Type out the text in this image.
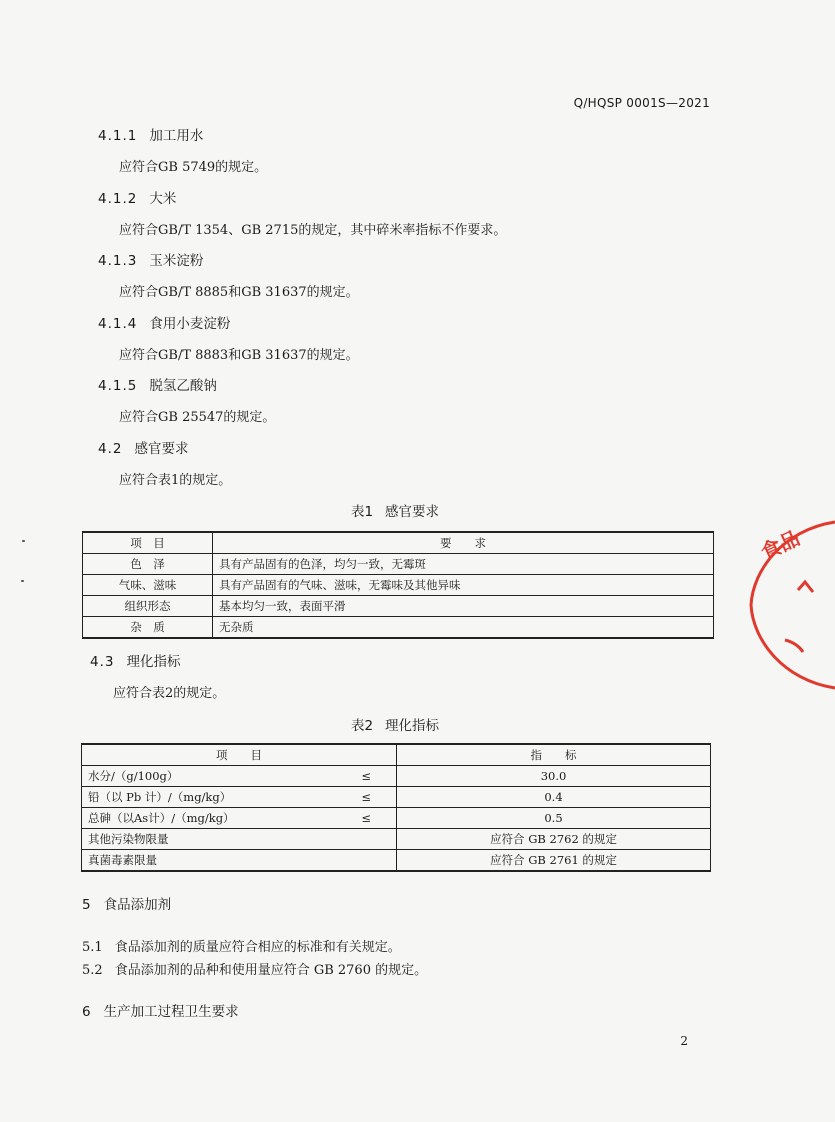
Q/HQSP 0001S—2021
4.1.1 加工用水
应符合GB 5749的规定。
4.1.2 大米
应符合GB/T 1354、GB 2715的规定，其中碎米率指标不作要求。
4.1.3 玉米淀粉
应符合GB/T 8885和GB 31637的规定。
4.1.4 食用小麦淀粉
应符合GB/T 8883和GB 31637的规定。
4.1.5 脱氢乙酸钠
应符合GB 25547的规定。
4.2 感官要求
应符合表1的规定。
表1 感官要求
项　目	要　　求
色　泽	具有产品固有的色泽，均匀一致，无霉斑
气味、滋味	具有产品固有的气味、滋味，无霉味及其他异味
组织形态	基本均匀一致，表面平滑
杂　质	无杂质
4.3 理化指标
应符合表2的规定。
表2 理化指标
项　　目		指　　标
水分/（g/100g）	≤	30.0
铅（以 Pb 计）/（mg/kg）	≤	0.4
总砷（以As计）/（mg/kg）	≤	0.5
其他污染物限量		应符合 GB 2762 的规定
真菌毒素限量		应符合 GB 2761 的规定
5 食品添加剂
5.1 食品添加剂的质量应符合相应的标准和有关规定。
5.2 食品添加剂的品种和使用量应符合 GB 2760 的规定。
6 生产加工过程卫生要求
2
食品
